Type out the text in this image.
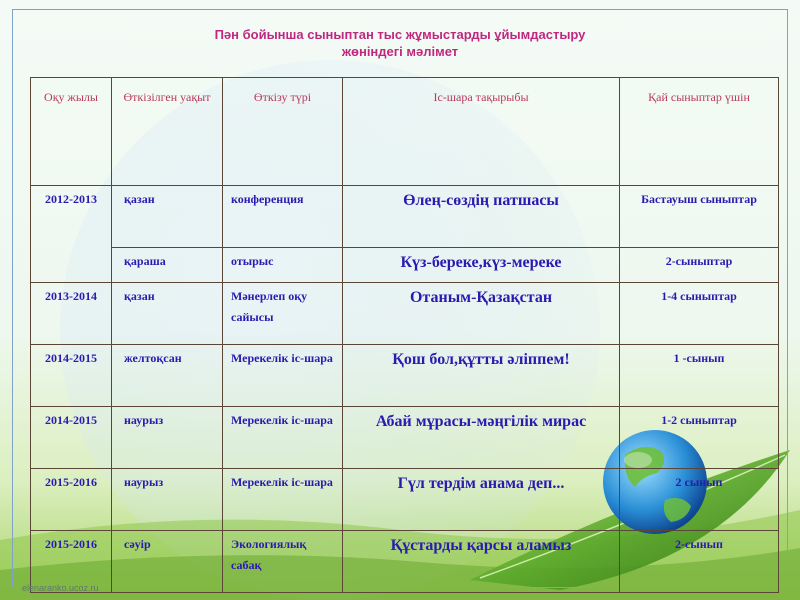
Пән бойынша сыныптан тыс жұмыстарды ұйымдастыру
жөніндегі мәлімет
Оқу жылы	Өткізілген уақыт	Өткізу түрі	Іс-шара тақырыбы	Қай сыныптар үшін
2012-2013	қазан	конференция	Өлең-сөздің патшасы	Бастауыш сыныптар
	қараша	отырыс	Күз-береке,күз-мереке	2-сыныптар
2013-2014	қазан	Мәнерлеп оқу сайысы	Отаным-Қазақстан	1-4 сыныптар
2014-2015	желтоқсан	Мерекелік іс-шара	Қош бол,құтты әліппем!	1 -сынып
2014-2015	наурыз	Мерекелік іс-шара	Абай мұрасы-мәңгілік мирас	1-2 сыныптар
2015-2016	наурыз	Мерекелік іс-шара	Гүл тердім анама деп...	2 сынып
2015-2016	сәуір	Экологиялық сабақ	Құстарды қарсы аламыз	2-сынып
elenaranko.ucoz.ru
